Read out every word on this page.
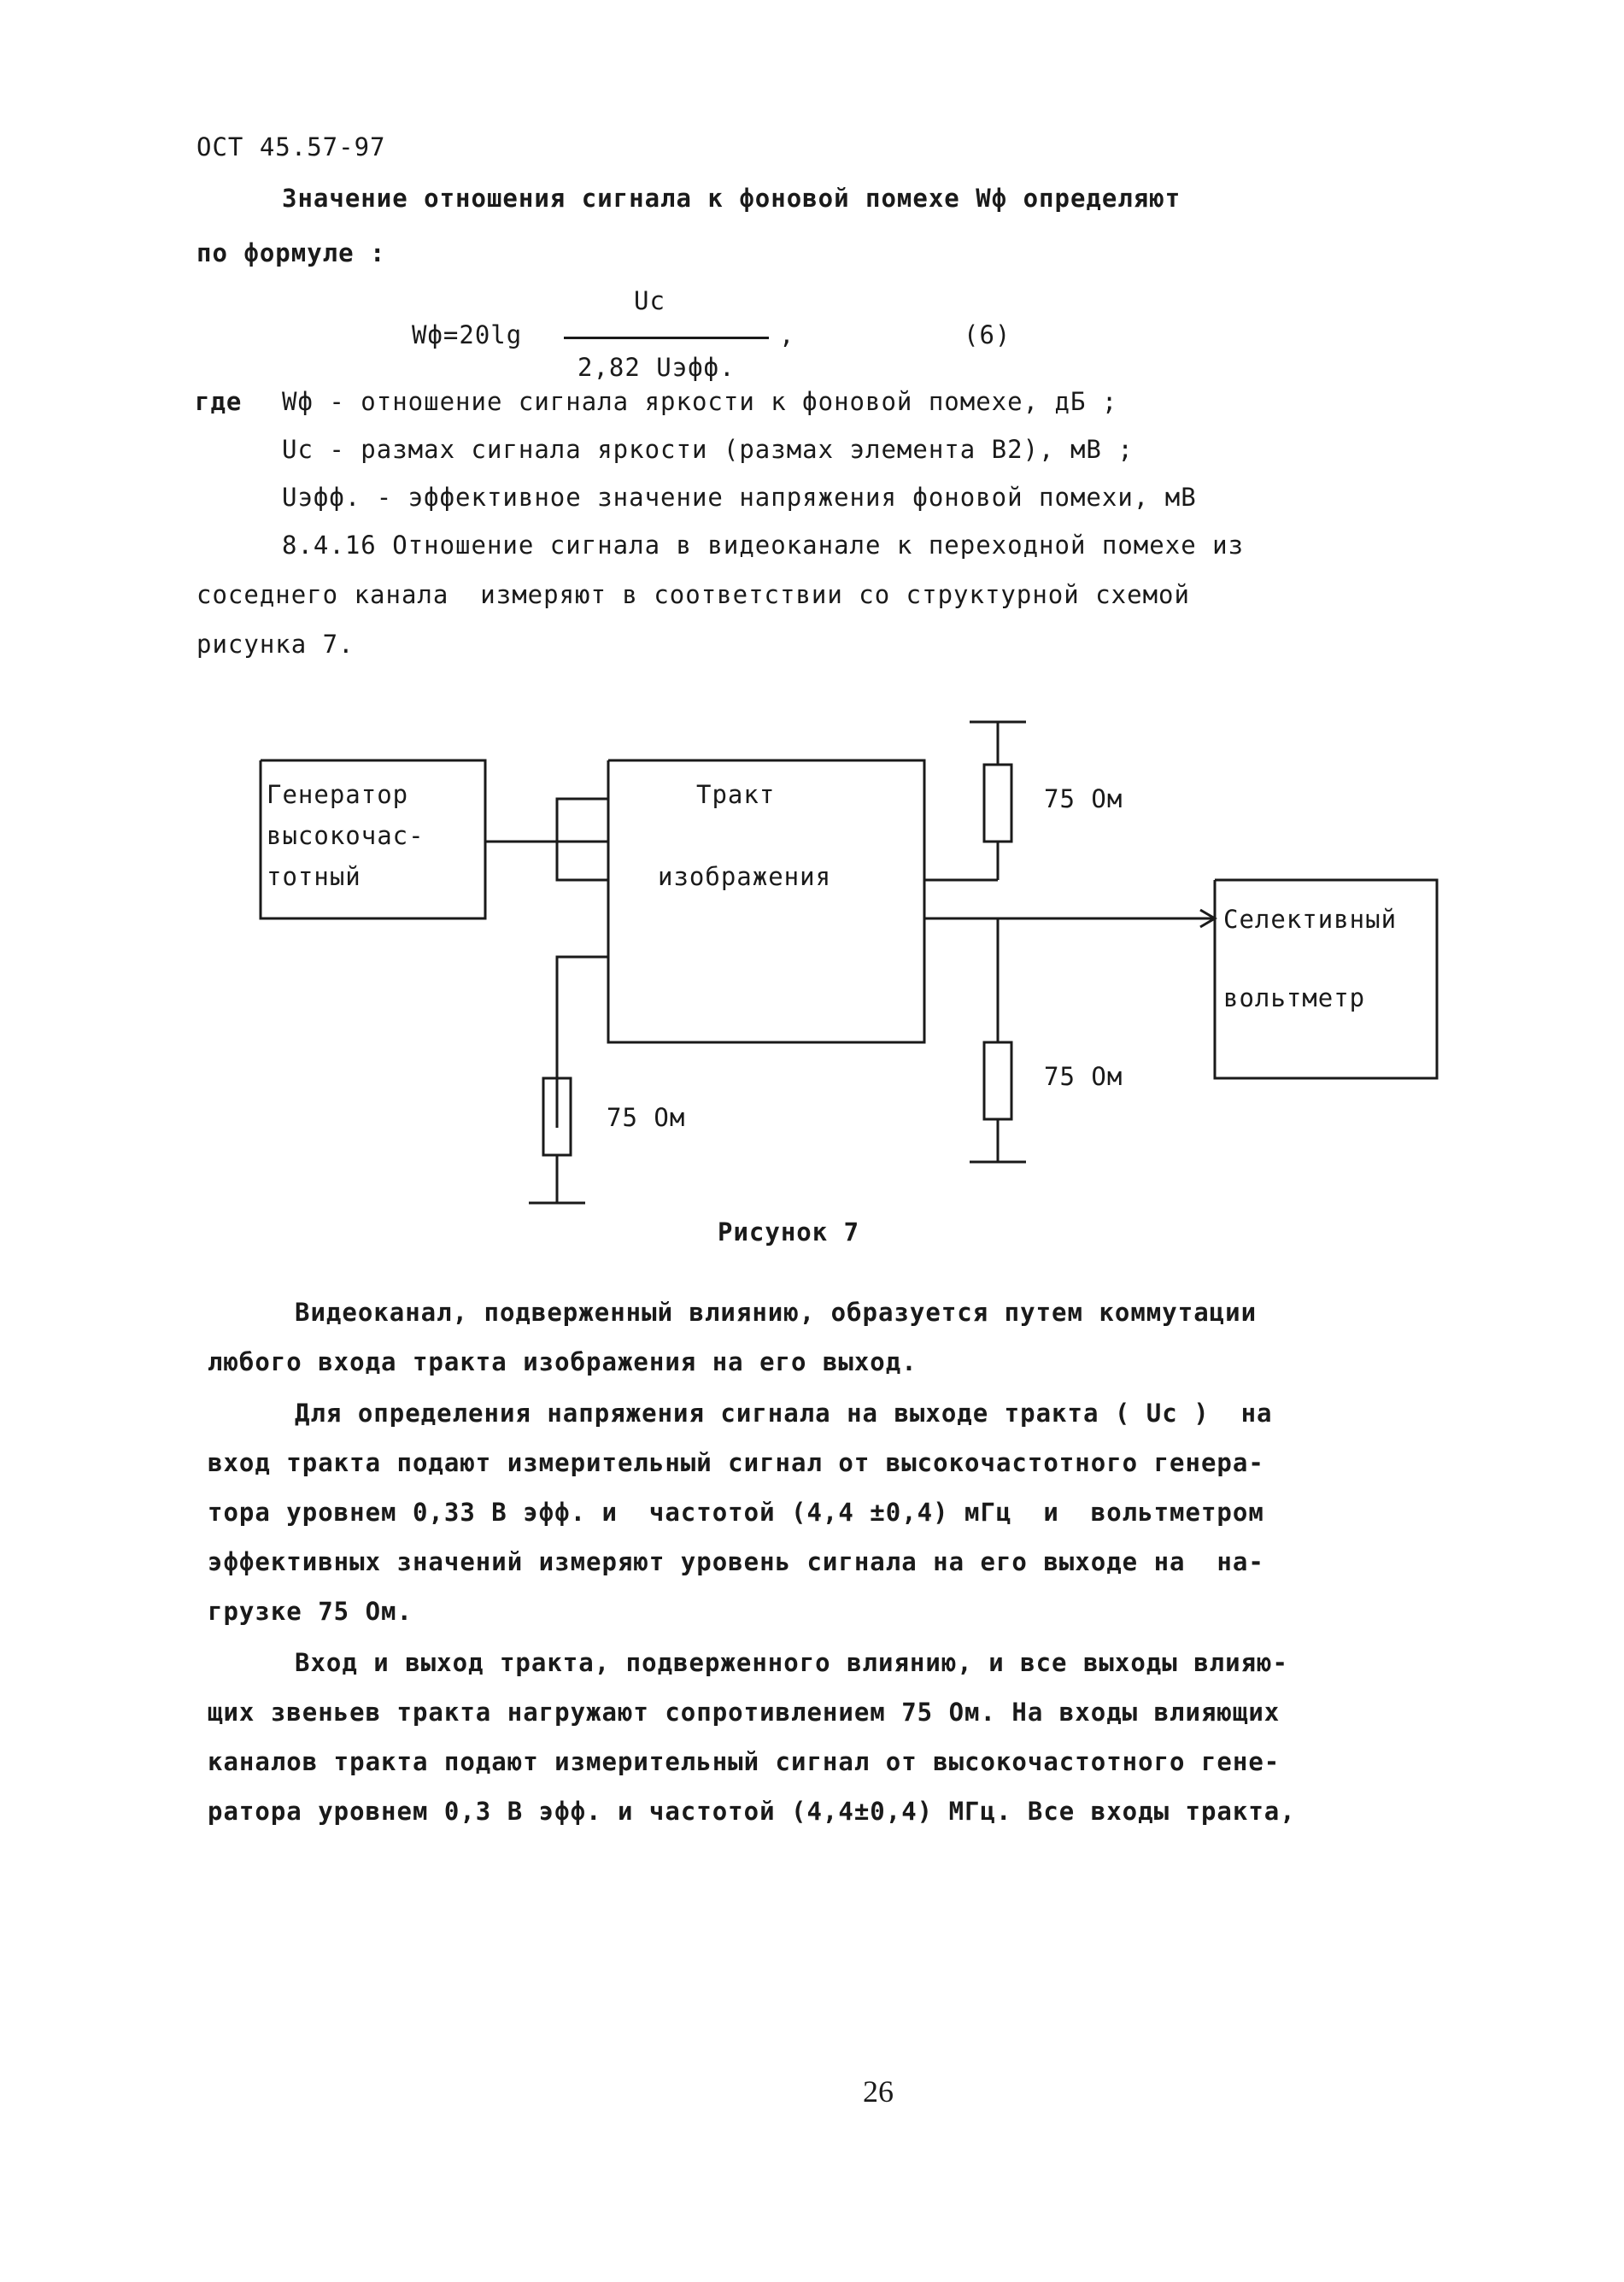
ОСТ 45.57-97
Значение отношения сигнала к фоновой помехе Wф определяют
по формуле :
Uc
Wф=20lg	,	(6)
2,82 Uэфф.
где Wф - отношение сигнала яркости к фоновой помехе, дБ ;
Uc - размах сигнала яркости (размах элемента В2), мВ ;
Uэфф. - эффективное значение напряжения фоновой помехи, мВ
8.4.16 Отношение сигнала в видеоканале к переходной помехе из
соседнего канала  измеряют в соответствии со структурной схемой
рисунка 7.
Генератор
высокочас-
тотный
Тракт
изображения
Селективный
вольтметр
75 Ом
75 Ом
75 Ом
Рисунок 7
Видеоканал, подверженный влиянию, образуется путем коммутации
любого входа тракта изображения на его выход.
Для определения напряжения сигнала на выходе тракта ( Uc )  на
вход тракта подают измерительный сигнал от высокочастотного генера-
тора уровнем 0,33 В эфф. и  частотой (4,4 ±0,4) мГц  и  вольтметром
эффективных значений измеряют уровень сигнала на его выходе на  на-
грузке 75 Ом.
Вход и выход тракта, подверженного влиянию, и все выходы влияю-
щих звеньев тракта нагружают сопротивлением 75 Ом. На входы влияющих
каналов тракта подают измерительный сигнал от высокочастотного гене-
ратора уровнем 0,3 В эфф. и частотой (4,4±0,4) МГц. Все входы тракта,
26
